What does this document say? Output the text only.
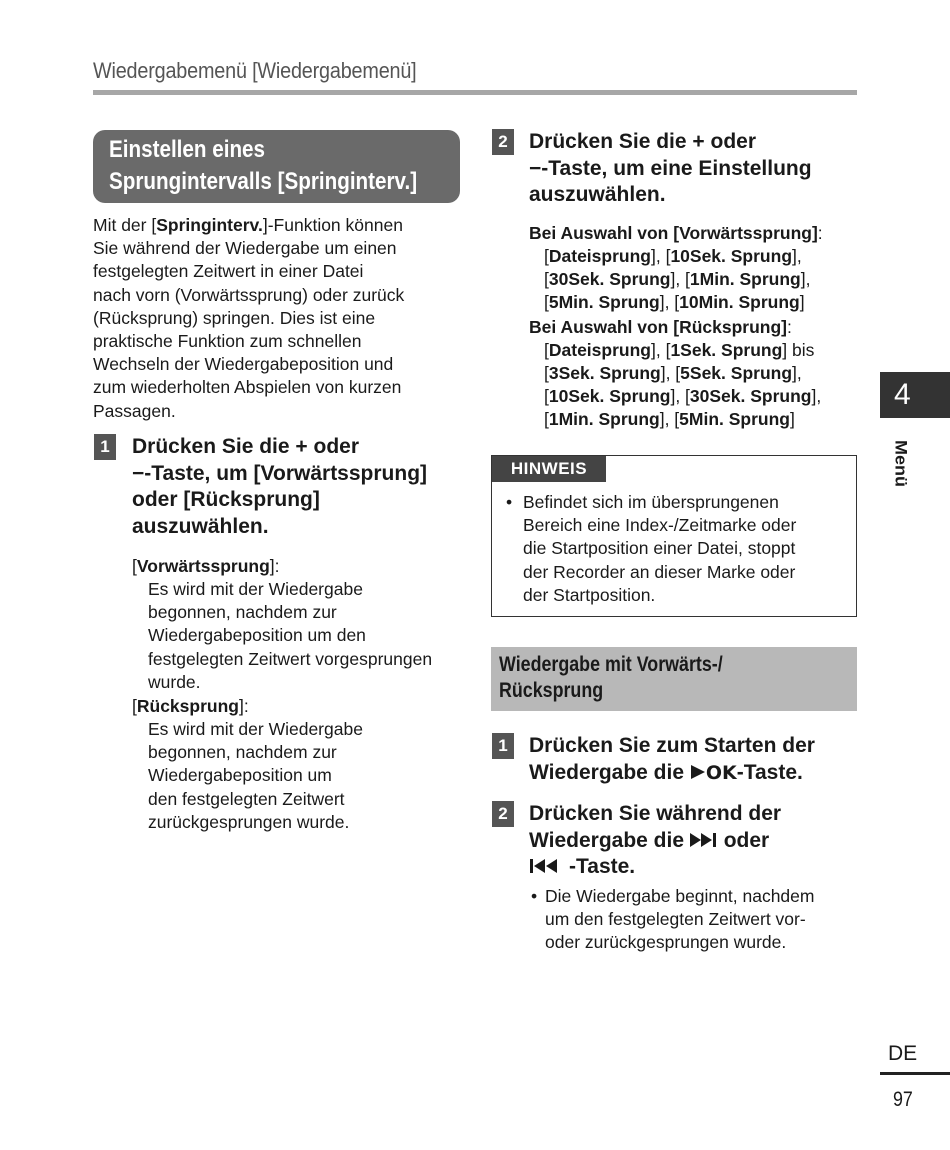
Wiedergabemenü [Wiedergabemenü]
Einstellen eines
Sprungintervalls [Springinterv.]
Mit der [Springinterv.]-Funktion können
Sie während der Wiedergabe um einen
festgelegten Zeitwert in einer Datei
nach vorn (Vorwärtssprung) oder zurück
(Rücksprung) springen. Dies ist eine
praktische Funktion zum schnellen
Wechseln der Wiedergabeposition und
zum wiederholten Abspielen von kurzen
Passagen.
1 Drücken Sie die + oder
−-Taste, um [Vorwärtssprung]
oder [Rücksprung]
auszuwählen.
[Vorwärtssprung]:
Es wird mit der Wiedergabe
begonnen, nachdem zur
Wiedergabeposition um den
festgelegten Zeitwert vorgesprungen
wurde.
[Rücksprung]:
Es wird mit der Wiedergabe
begonnen, nachdem zur
Wiedergabeposition um
den festgelegten Zeitwert
zurückgesprungen wurde.
2 Drücken Sie die + oder
−-Taste, um eine Einstellung
auszuwählen.
Bei Auswahl von [Vorwärtssprung]:
[Dateisprung], [10Sek. Sprung],
[30Sek. Sprung], [1Min. Sprung],
[5Min. Sprung], [10Min. Sprung]
Bei Auswahl von [Rücksprung]:
[Dateisprung], [1Sek. Sprung] bis
[3Sek. Sprung], [5Sek. Sprung],
[10Sek. Sprung], [30Sek. Sprung],
[1Min. Sprung], [5Min. Sprung]
HINWEIS
• Befindet sich im übersprungenen
Bereich eine Index-/Zeitmarke oder
die Startposition einer Datei, stoppt
der Recorder an dieser Marke oder
der Startposition.
Wiedergabe mit Vorwärts-/
Rücksprung
1 Drücken Sie zum Starten der
Wiedergabe die OK-Taste.
2 Drücken Sie während der
Wiedergabe die  oder
-Taste.
• Die Wiedergabe beginnt, nachdem
um den festgelegten Zeitwert vor-
oder zurückgesprungen wurde.
4
Menü
DE
97
